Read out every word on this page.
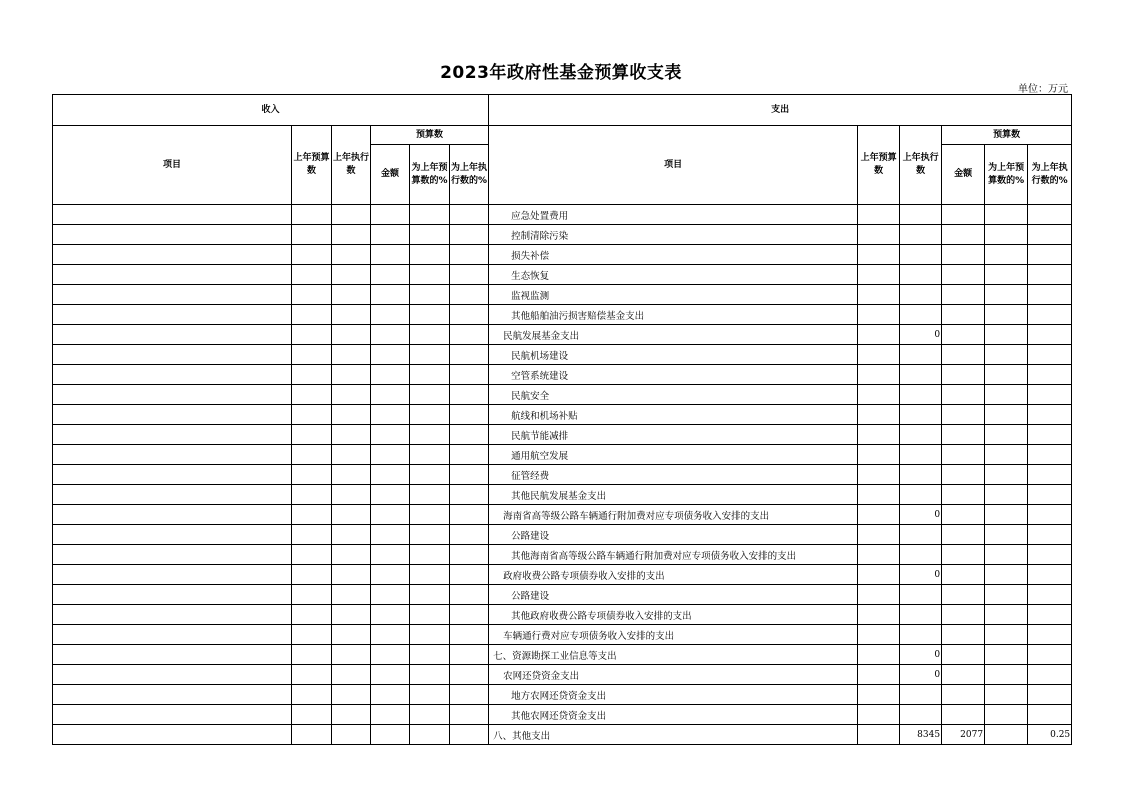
2023年政府性基金预算收支表
单位：万元
收入						支出					
项目	上年预算数	上年执行数	预算数			项目	上年预算数	上年执行数	预算数		
			金额	为上年预算数的%	为上年执行数的%				金额	为上年预算数的%	为上年执行数的%
						应急处置费用					
						控制清除污染					
						损失补偿					
						生态恢复					
						监视监测					
						其他船舶油污损害赔偿基金支出					
						民航发展基金支出		0			
						民航机场建设					
						空管系统建设					
						民航安全					
						航线和机场补贴					
						民航节能减排					
						通用航空发展					
						征管经费					
						其他民航发展基金支出					
						海南省高等级公路车辆通行附加费对应专项债务收入安排的支出		0			
						公路建设					
						其他海南省高等级公路车辆通行附加费对应专项债务收入安排的支出					
						政府收费公路专项债券收入安排的支出		0			
						公路建设					
						其他政府收费公路专项债券收入安排的支出					
						车辆通行费对应专项债务收入安排的支出					
						七、资源勘探工业信息等支出		0			
						农网还贷资金支出		0			
						地方农网还贷资金支出					
						其他农网还贷资金支出					
						八、其他支出		8345	2077		0.25
